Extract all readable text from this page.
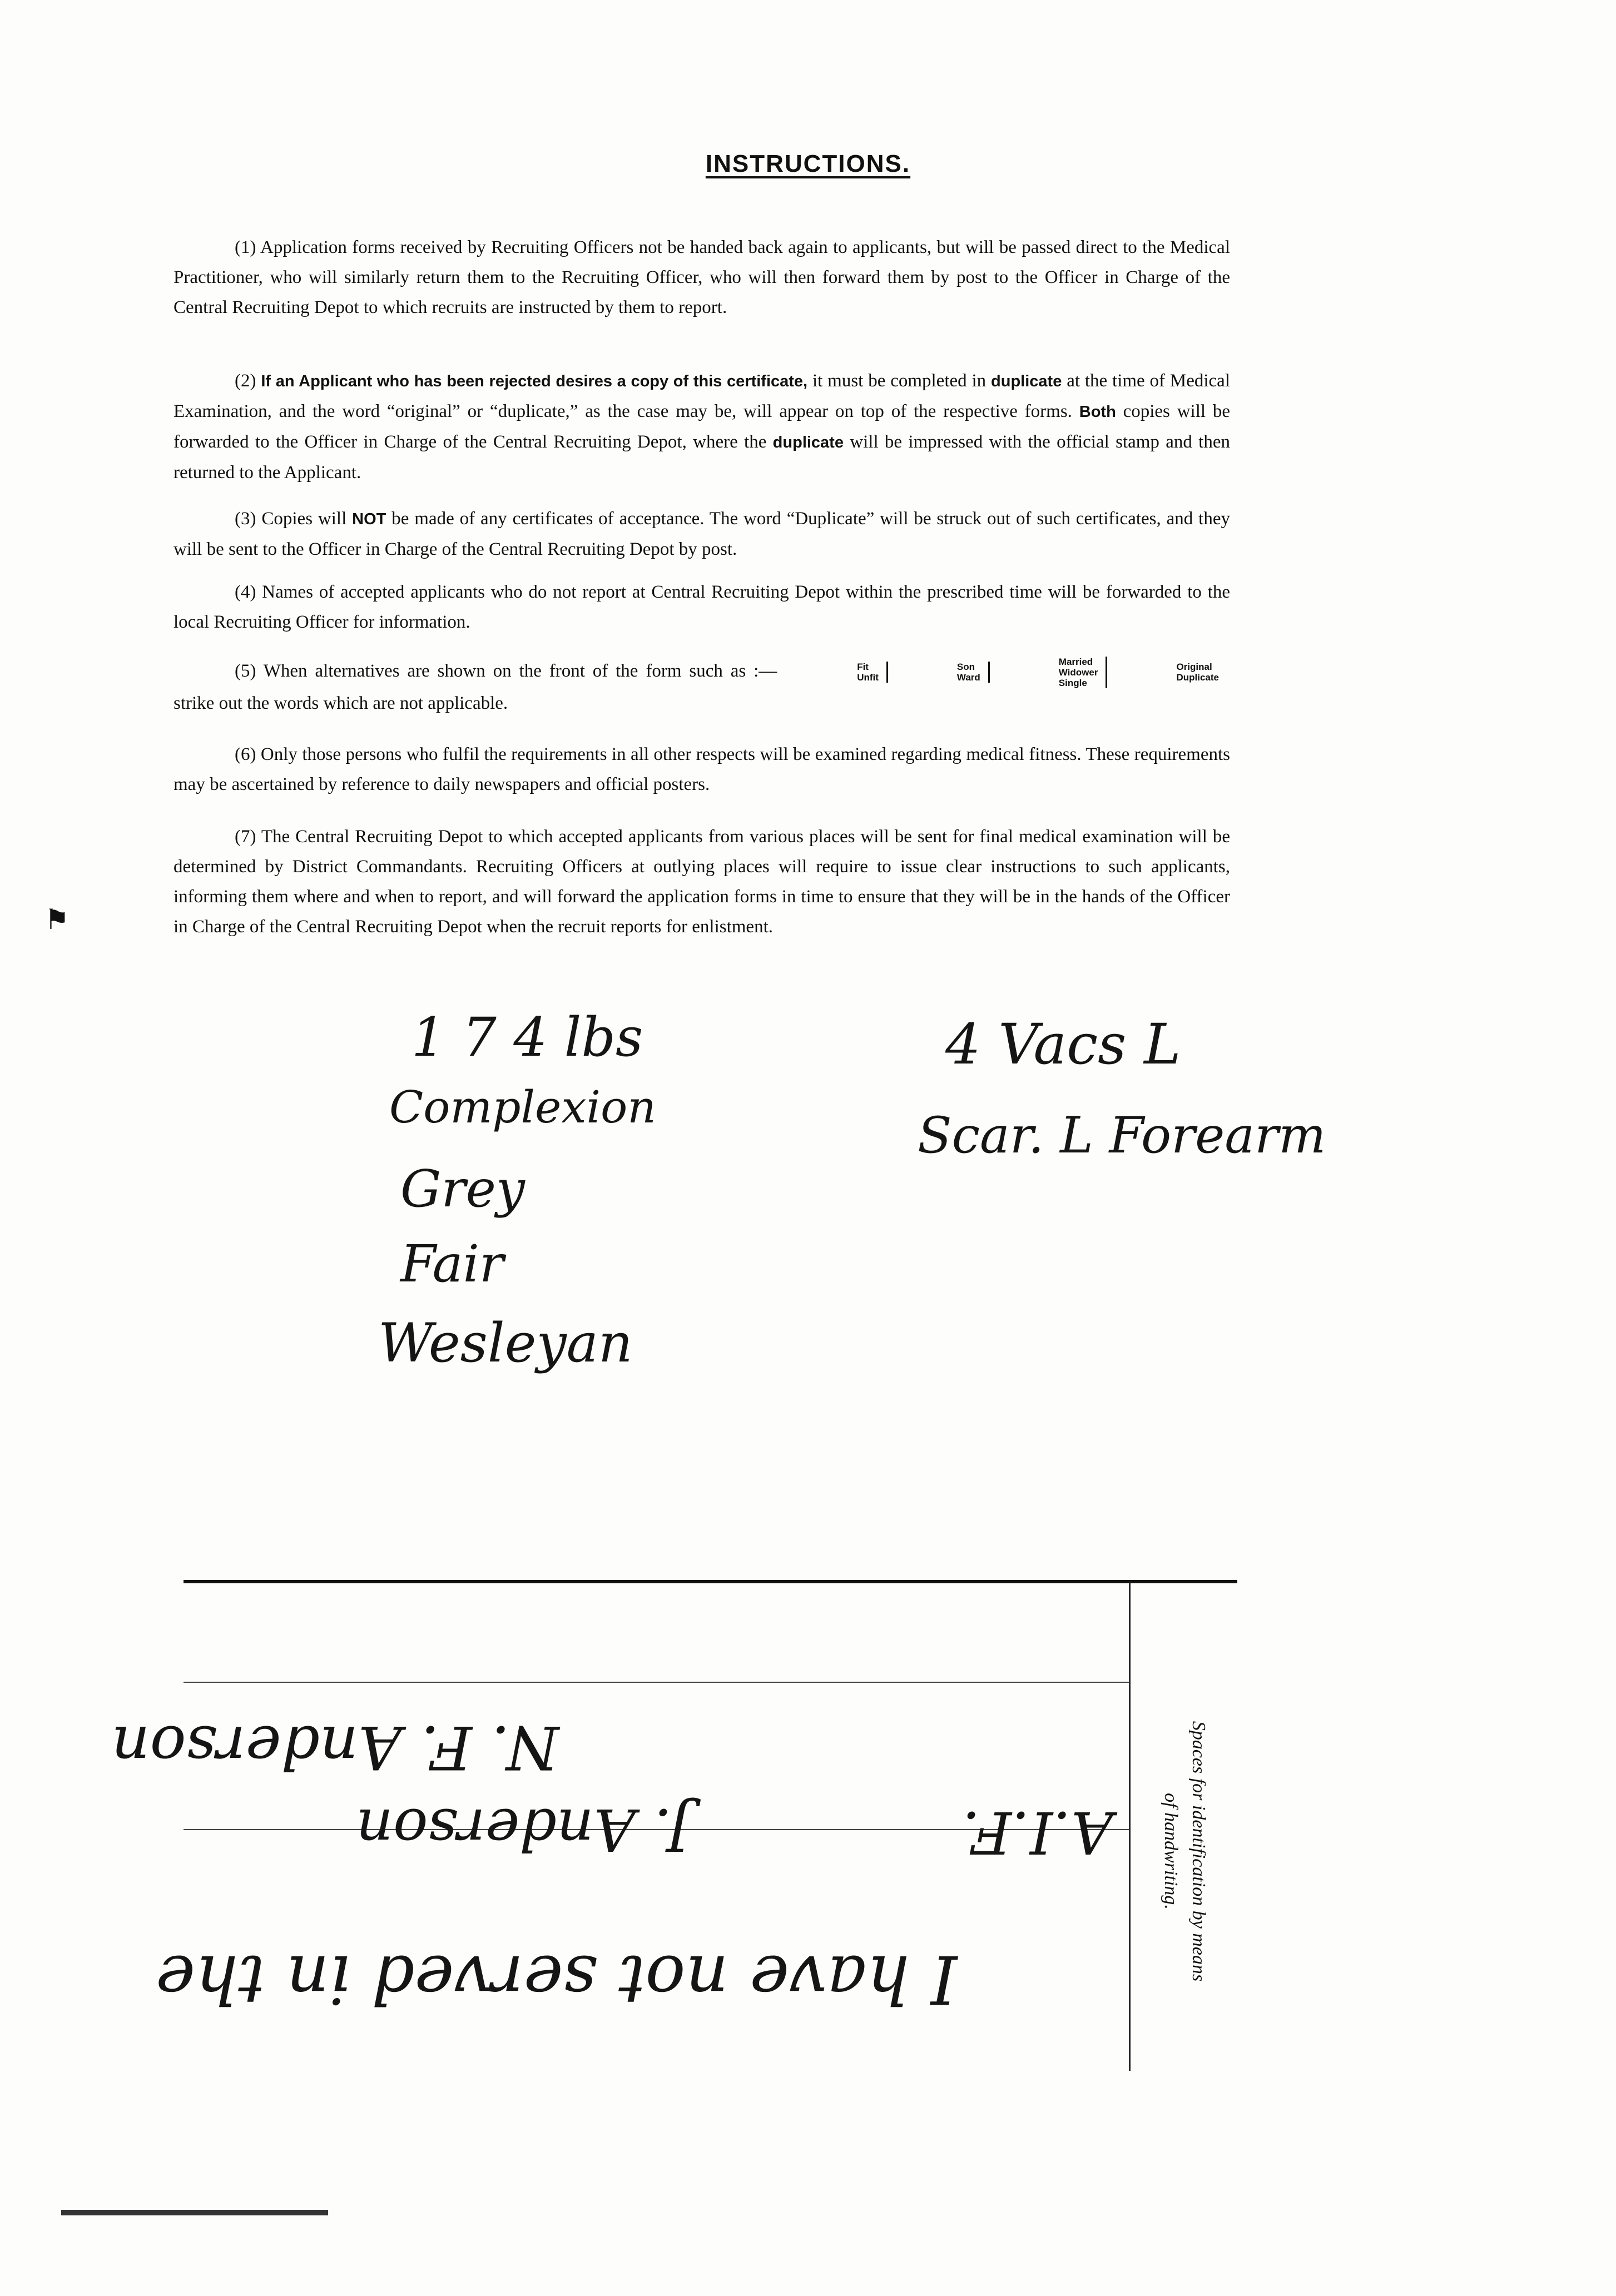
INSTRUCTIONS.
(1) Application forms received by Recruiting Officers not be handed back again to applicants, but will be passed direct to the Medical Practitioner, who will similarly return them to the Recruiting Officer, who will then forward them by post to the Officer in Charge of the Central Recruiting Depot to which recruits are instructed by them to report.
(2) If an Applicant who has been rejected desires a copy of this certificate, it must be completed in duplicate at the time of Medical Examination, and the word “original” or “duplicate,” as the case may be, will appear on top of the respective forms. Both copies will be forwarded to the Officer in Charge of the Central Recruiting Depot, where the duplicate will be impressed with the official stamp and then returned to the Applicant.
(3) Copies will NOT be made of any certificates of acceptance. The word “Duplicate” will be struck out of such certificates, and they will be sent to the Officer in Charge of the Central Recruiting Depot by post.
(4) Names of accepted applicants who do not report at Central Recruiting Depot within the prescribed time will be forwarded to the local Recruiting Officer for information.
(5) When alternatives are shown on the front of the form such as :—	Fit
Unfit
Son
Ward
Married
Widower
Single
Original
Duplicate
strike out the words which are not applicable.
(6) Only those persons who fulfil the requirements in all other respects will be examined regarding medical fitness. These requirements may be ascertained by reference to daily newspapers and official posters.
(7) The Central Recruiting Depot to which accepted applicants from various places will be sent for final medical examination will be determined by District Commandants. Recruiting Officers at outlying places will require to issue clear instructions to such applicants, informing them where and when to report, and will forward the application forms in time to ensure that they will be in the hands of the Officer in Charge of the Central Recruiting Depot when the recruit reports for enlistment.
⚑
1 7 4 lbs
Complexion
Grey
Fair
Wesleyan
4 Vacs L
Scar. L Forearm
Spaces for identification by means
of handwriting.
N. F. Anderson
J. Anderson	A.I.F.
I have not served in the
